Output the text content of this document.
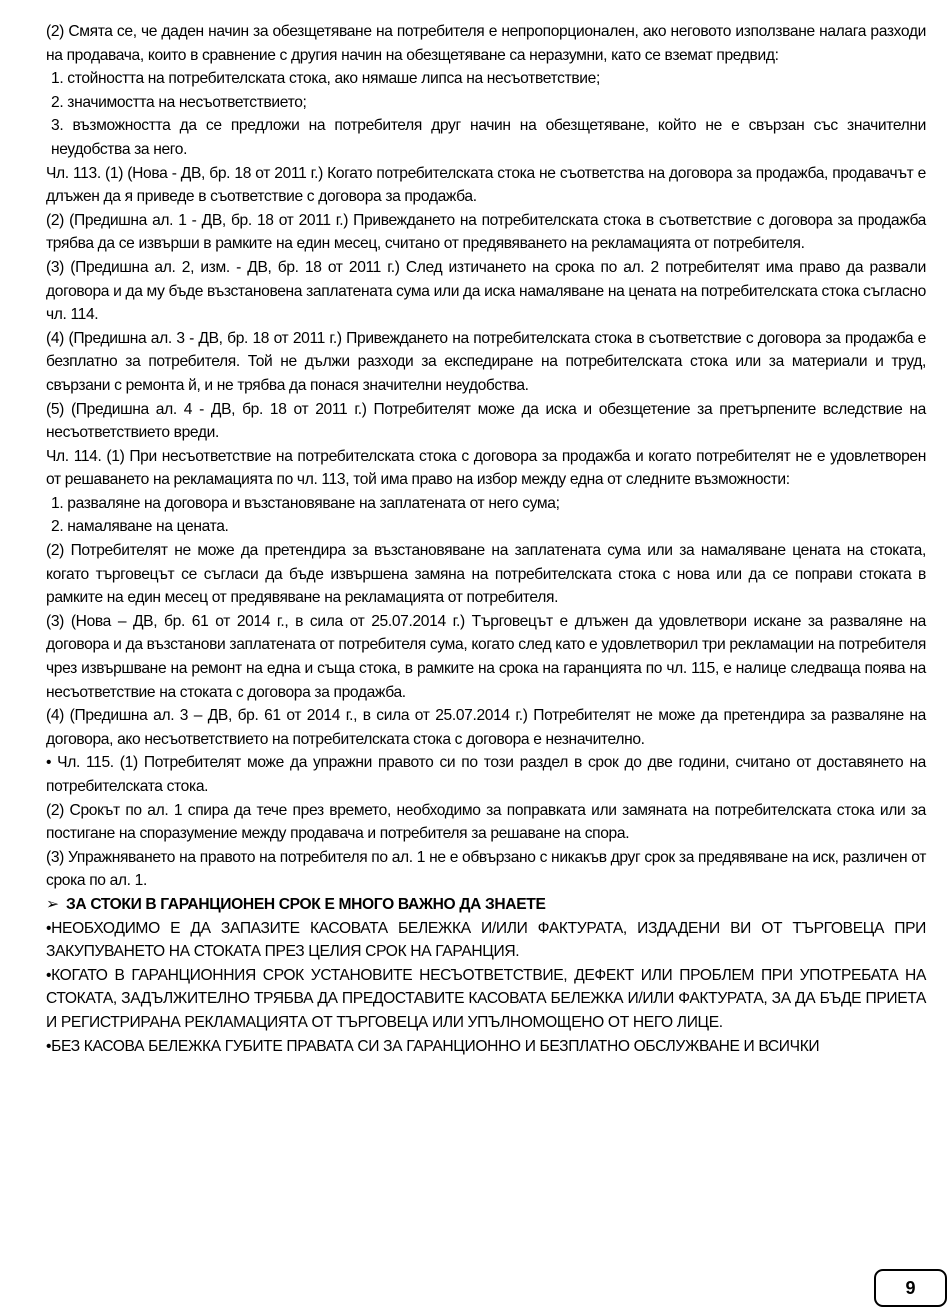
(2) Смята се, че даден начин за обезщетяване на потребителя е непропорционален, ако неговото използване налага разходи на продавача, които в сравнение с другия начин на обезщетяване са неразумни, като се вземат предвид:

1. стойността на потребителската стока, ако нямаше липса на несъответствие;

2. значимостта на несъответствието;

3. възможността да се предложи на потребителя друг начин на обезщетяване, който не е свързан със значителни неудобства за него.

Чл. 113. (1) (Нова - ДВ, бр. 18 от 2011 г.) Когато потребителската стока не съответства на договора за продажба, продавачът е длъжен да я приведе в съответствие с договора за продажба.

(2) (Предишна ал. 1 - ДВ, бр. 18 от 2011 г.) Привеждането на потребителската стока в съответствие с договора за продажба трябва да се извърши в рамките на един месец, считано от предявяването на рекламацията от потребителя.

(3) (Предишна ал. 2, изм. - ДВ, бр. 18 от 2011 г.) След изтичането на срока по ал. 2 потребителят има право да развали договора и да му бъде възстановена заплатената сума или да иска намаляване на цената на потребителската стока съгласно чл. 114.

(4) (Предишна ал. 3 - ДВ, бр. 18 от 2011 г.) Привеждането на потребителската стока в съответствие с договора за продажба е безплатно за потребителя. Той не дължи разходи за експедиране на потребителската стока или за материали и труд, свързани с ремонта й, и не трябва да понася значителни неудобства.

(5) (Предишна ал. 4 - ДВ, бр. 18 от 2011 г.) Потребителят може да иска и обезщетение за претърпените вследствие на несъответствието вреди.

Чл. 114. (1) При несъответствие на потребителската стока с договора за продажба и когато потребителят не е удовлетворен от решаването на рекламацията по чл. 113, той има право на избор между една от следните възможности:

1. разваляне на договора и възстановяване на заплатената от него сума;

2. намаляване на цената.

(2) Потребителят не може да претендира за възстановяване на заплатената сума или за намаляване цената на стоката, когато търговецът се съгласи да бъде извършена замяна на потребителската стока с нова или да се поправи стоката в рамките на един месец от предявяване на рекламацията от потребителя.

(3) (Нова – ДВ, бр. 61 от 2014 г., в сила от 25.07.2014 г.) Търговецът е длъжен да удовлетвори искане за разваляне на договора и да възстанови заплатената от потребителя сума, когато след като е удовлетворил три рекламации на потребителя чрез извършване на ремонт на една и съща стока, в рамките на срока на гаранцията по чл. 115, е налице следваща поява на несъответствие на стоката с договора за продажба.

(4) (Предишна ал. 3 – ДВ, бр. 61 от 2014 г., в сила от 25.07.2014 г.) Потребителят не може да претендира за разваляне на договора, ако несъответствието на потребителската стока с договора е незначително.

• Чл. 115. (1) Потребителят може да упражни правото си по този раздел в срок до две години, считано от доставянето на потребителската стока.

(2) Срокът по ал. 1 спира да тече през времето, необходимо за поправката или замяната на потребителската стока или за постигане на споразумение между продавача и потребителя за решаване на спора.

(3) Упражняването на правото на потребителя по ал. 1 не е обвързано с никакъв друг срок за предявяване на иск, различен от срока по ал. 1.

➢ ЗА СТОКИ В ГАРАНЦИОНЕН СРОК Е МНОГО ВАЖНО ДА ЗНАЕТЕ

•НЕОБХОДИМО Е ДА ЗАПАЗИТЕ КАСОВАТА БЕЛЕЖКА И/ИЛИ ФАКТУРАТА, ИЗДАДЕНИ ВИ ОТ ТЪРГОВЕЦА ПРИ ЗАКУПУВАНЕТО НА СТОКАТА ПРЕЗ ЦЕЛИЯ СРОК НА ГАРАНЦИЯ.

•КОГАТО В ГАРАНЦИОННИЯ СРОК УСТАНОВИТЕ НЕСЪОТВЕТСТВИЕ, ДЕФЕКТ ИЛИ ПРОБЛЕМ ПРИ УПОТРЕБАТА НА СТОКАТА, ЗАДЪЛЖИТЕЛНО ТРЯБВА ДА ПРЕДОСТАВИТЕ КАСОВАТА БЕЛЕЖКА И/ИЛИ ФАКТУРАТА, ЗА ДА БЪДЕ ПРИЕТА И РЕГИСТРИРАНА РЕКЛАМАЦИЯТА ОТ ТЪРГОВЕЦА ИЛИ УПЪЛНОМОЩЕНО ОТ НЕГО ЛИЦЕ.

•БЕЗ КАСОВА БЕЛЕЖКА ГУБИТЕ ПРАВАТА СИ ЗА ГАРАНЦИОННО И БЕЗПЛАТНО ОБСЛУЖВАНЕ И ВСИЧКИ

9
